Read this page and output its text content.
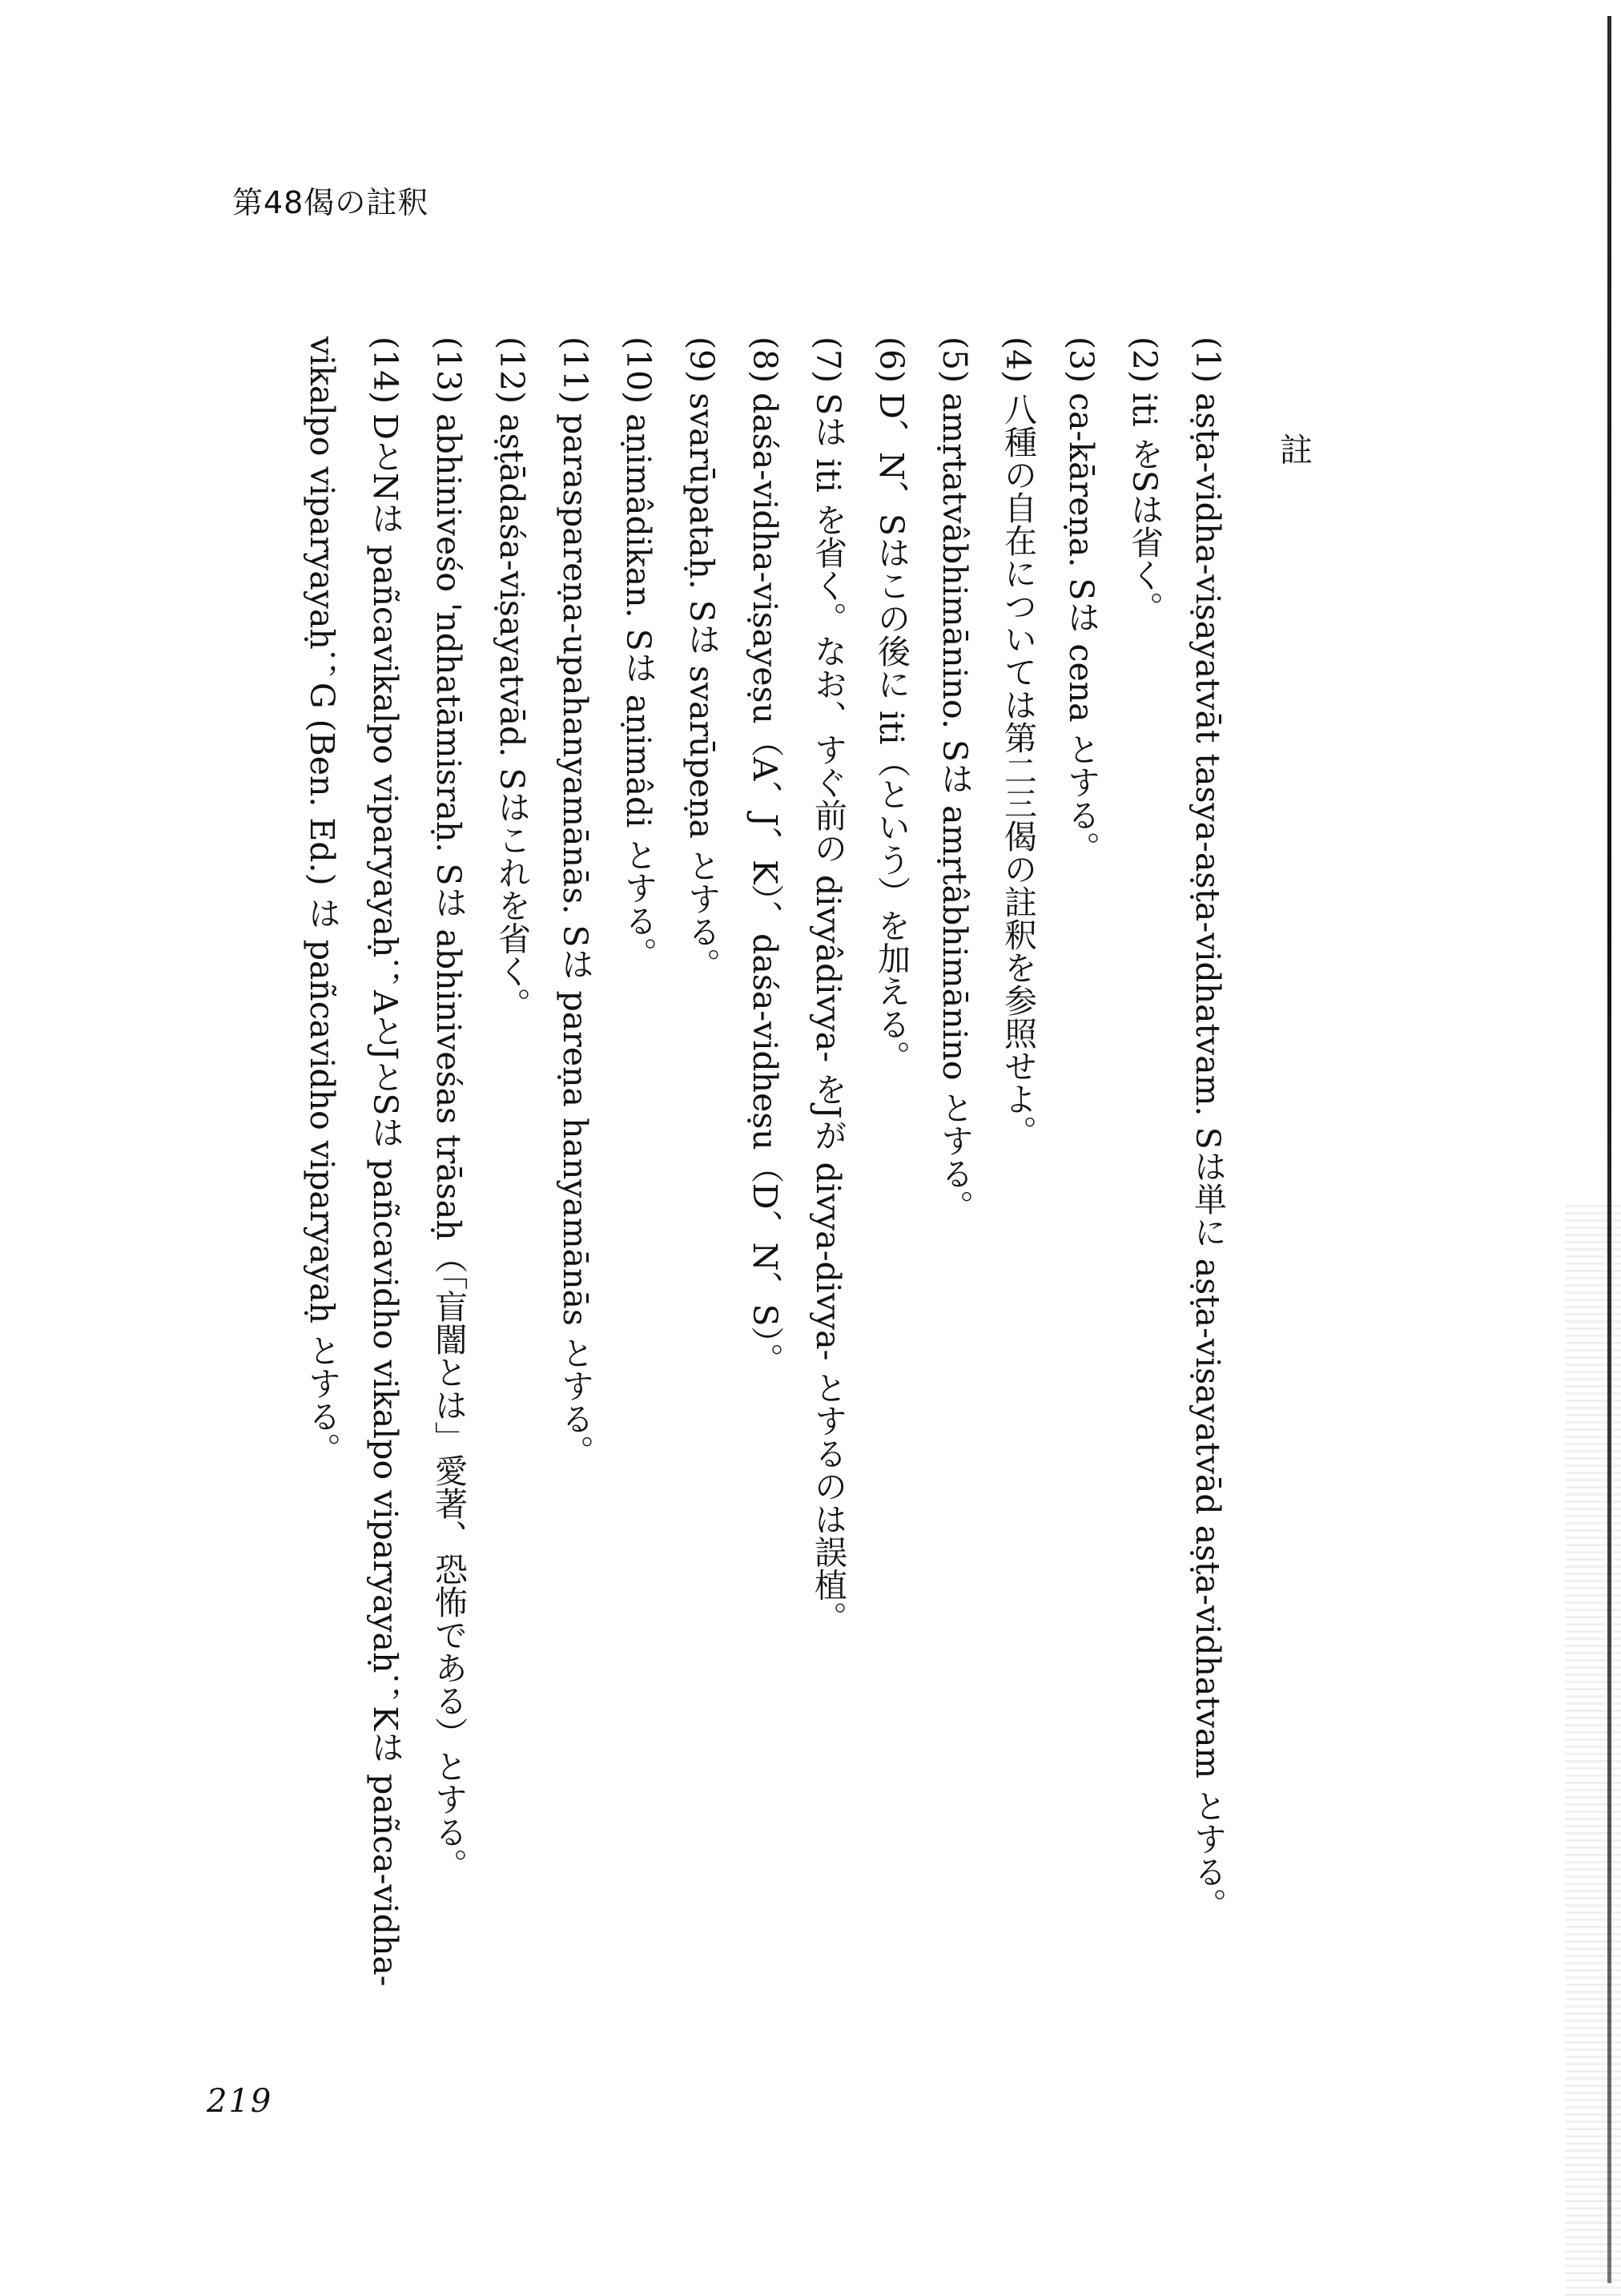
第48偈の註釈
註
(1)aṣṭa-vidha-viṣayatvāt tasya-aṣṭa-vidhatvam. Sは単に aṣṭa-viṣayatvād aṣṭa-vidhatvam とする。
(2)iti をSは省く。
(3)ca-kāreṇa. Sは cena とする。
(4)八種の自在については第二三偈の註釈を参照せよ。
(5)amṛtatvâbhimānino. Sは amṛtâbhimānino とする。
(6)D、N、Sはこの後に iti（という）を加える。
(7)Sは iti を省く。なお、すぐ前の divyâdivya- をJが divya-divya- とするのは誤植。
(8)daśa-vidha-viṣayeṣu（A、J、K）、daśa-vidheṣu（D、N、S）。
(9)svarūpataḥ. Sは svarūpeṇa とする。
(10)aṇimâdikan. Sは aṇimâdi とする。
(11)parasparеṇa-upahanyamānās. Sは pareṇa hanyamānās とする。
(12)aṣṭādaśa-viṣayatvād. Sはこれを省く。
(13)abhiniveśo 'ndhatāmisraḥ. Sは abhiniveśas trāsaḥ（「盲闇とは」愛著、恐怖である）とする。
(14)DとNは pañcavikalpo viparyayaḥ；AとJとSは pañcavidho vikalpo viparyayaḥ；Kは pañca-vidha-vikalpo viparyayaḥ；G (Ben. Ed.) は pañcavidho viparyayaḥ とする。
219
